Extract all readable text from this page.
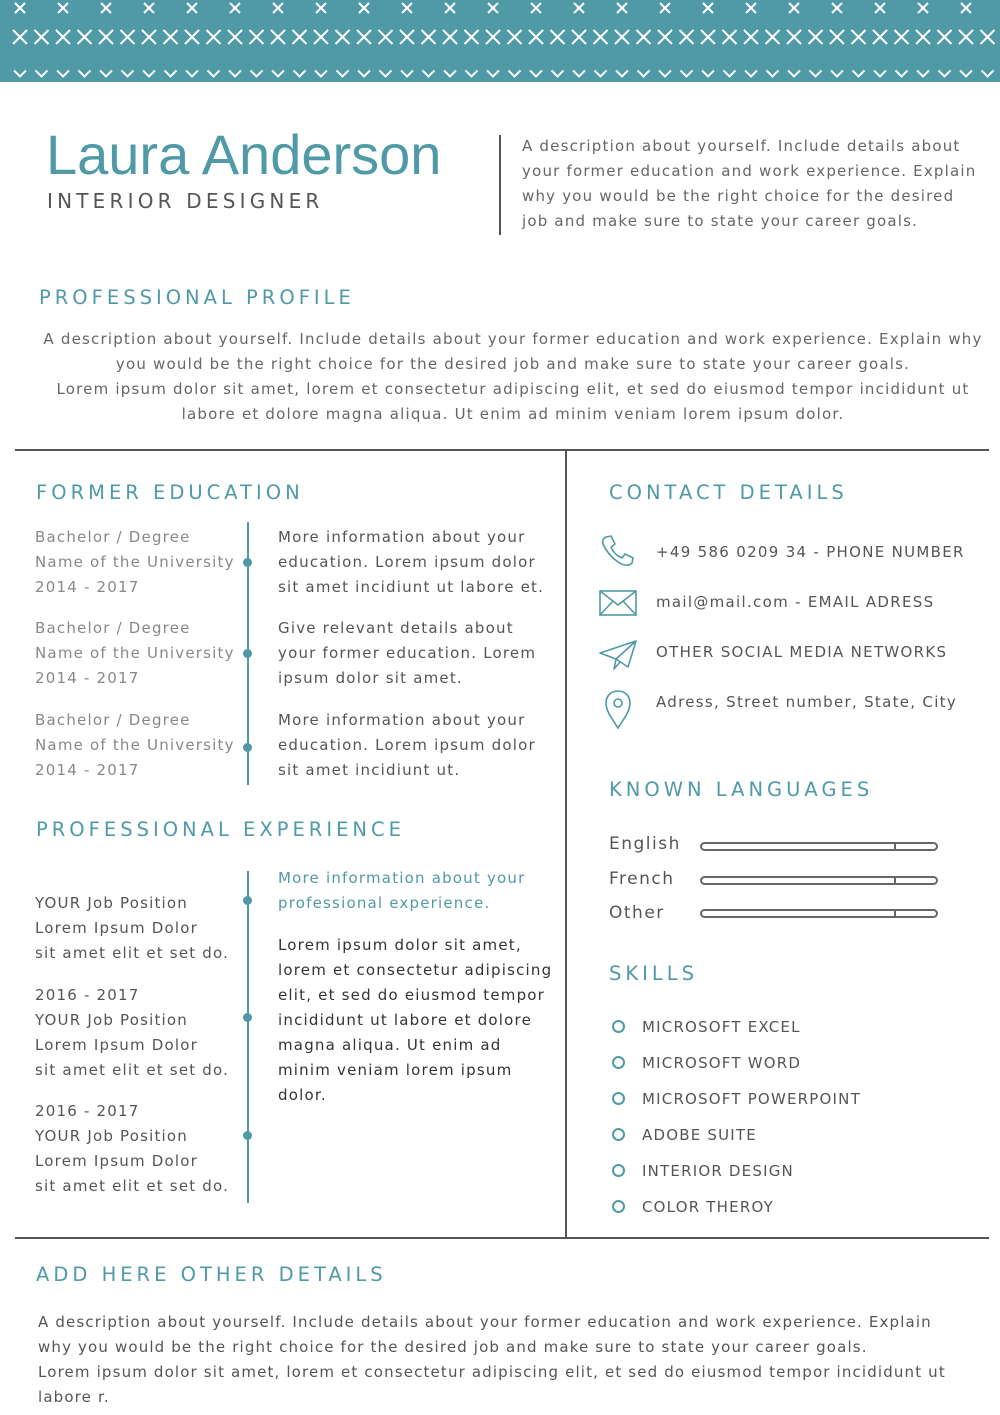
Laura Anderson
INTERIOR DESIGNER
A description about yourself. Include details about your former education and work experience. Explain why you would be the right choice for the desired job and make sure to state your career goals.
PROFESSIONAL PROFILE
A description about yourself. Include details about your former education and work experience. Explain why you would be the right choice for the desired job and make sure to state your career goals.
Lorem ipsum dolor sit amet, lorem et consectetur adipiscing elit, et sed do eiusmod tempor incididunt ut labore et dolore magna aliqua. Ut enim ad minim veniam lorem ipsum dolor.
FORMER EDUCATION
Bachelor / Degree
Name of the University
2014 - 2017
More information about your education. Lorem ipsum dolor sit amet incidiunt ut labore et.
Bachelor / Degree
Name of the University
2014 - 2017
Give relevant details about your former education. Lorem ipsum dolor sit amet.
Bachelor / Degree
Name of the University
2014 - 2017
More information about your education. Lorem ipsum dolor sit amet incidiunt ut.
PROFESSIONAL EXPERIENCE
YOUR Job Position
Lorem Ipsum Dolor
sit amet elit et set do.
2016 - 2017
YOUR Job Position
Lorem Ipsum Dolor
sit amet elit et set do.
2016 - 2017
YOUR Job Position
Lorem Ipsum Dolor
sit amet elit et set do.
More information about your professional experience.
Lorem ipsum dolor sit amet, lorem et consectetur adipiscing elit, et sed do eiusmod tempor incididunt ut labore et dolore magna aliqua. Ut enim ad minim veniam lorem ipsum dolor.
CONTACT DETAILS
+49 586 0209 34 - PHONE NUMBER
mail@mail.com - EMAIL ADRESS
OTHER SOCIAL MEDIA NETWORKS
Adress, Street number, State, City
KNOWN LANGUAGES
English
French
Other
SKILLS
MICROSOFT EXCEL
MICROSOFT WORD
MICROSOFT POWERPOINT
ADOBE SUITE
INTERIOR DESIGN
COLOR THEROY
ADD HERE OTHER DETAILS
A description about yourself. Include details about your former education and work experience. Explain why you would be the right choice for the desired job and make sure to state your career goals.
Lorem ipsum dolor sit amet, lorem et consectetur adipiscing elit, et sed do eiusmod tempor incididunt ut labore r.
